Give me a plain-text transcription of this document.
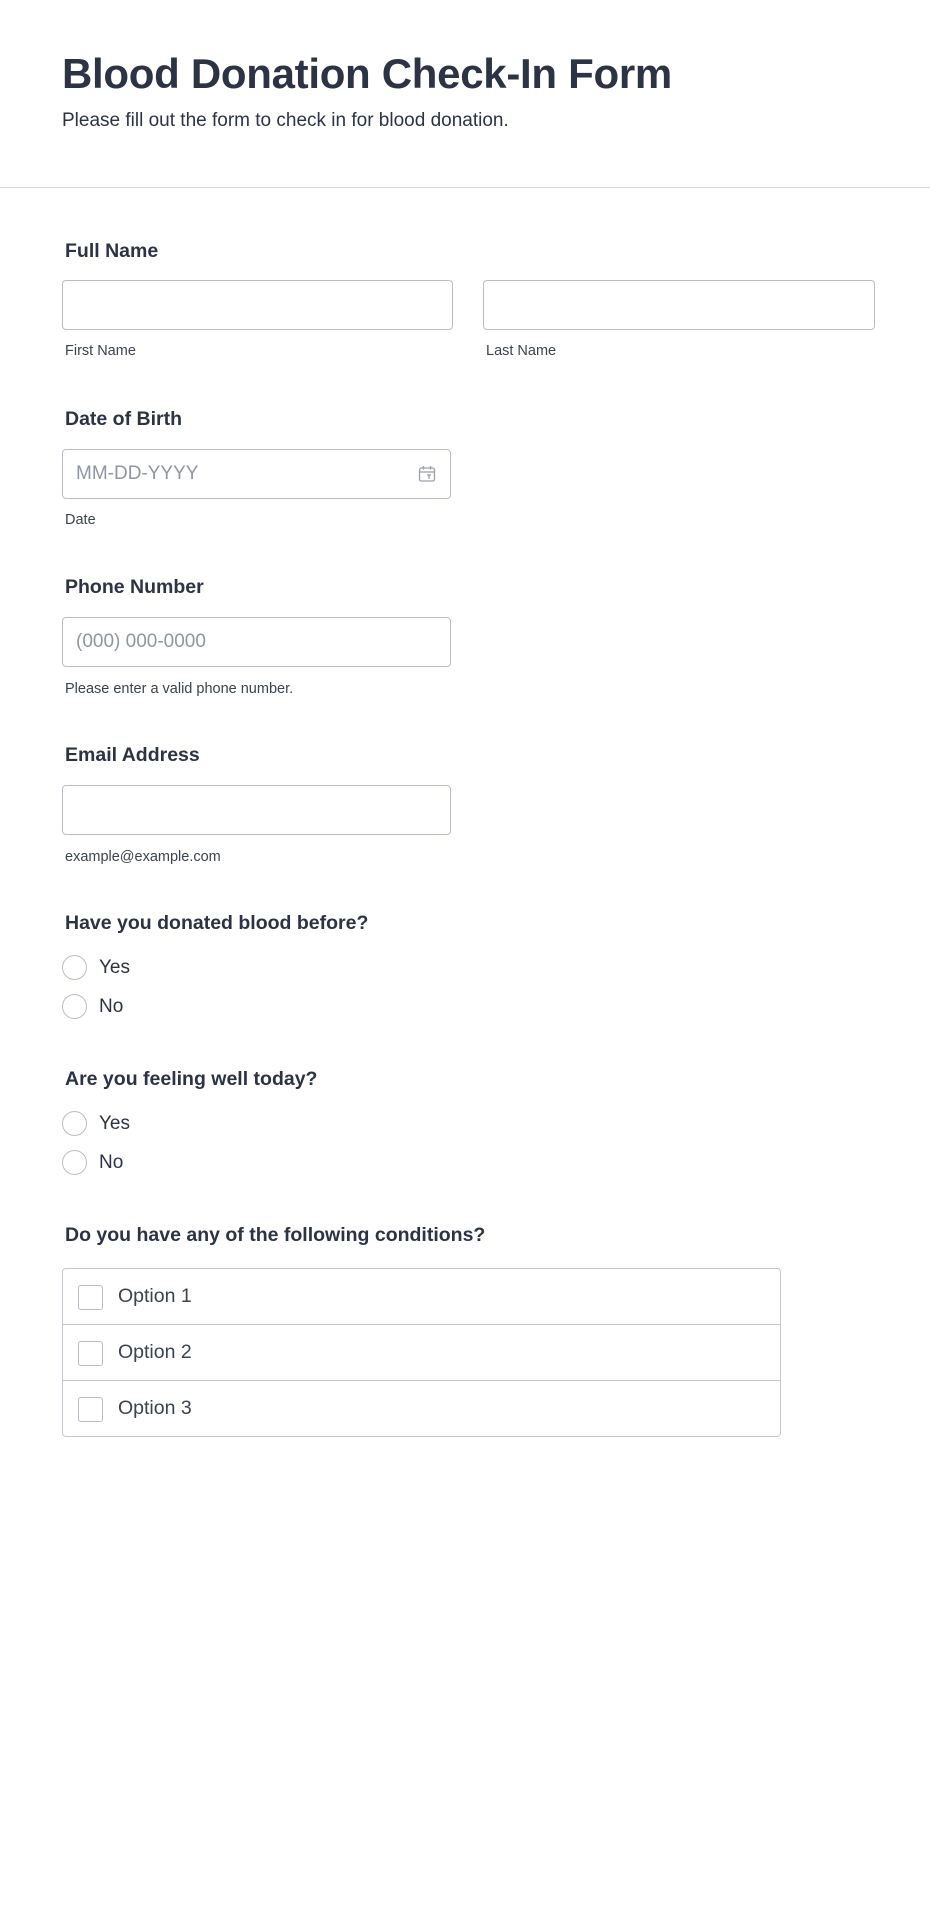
Blood Donation Check-In Form

Please fill out the form to check in for blood donation.

Full Name
First Name	Last Name
Date of Birth
MM-DD-YYYY
Date
Phone Number
(000) 000-0000
Please enter a valid phone number.
Email Address
example@example.com
Have you donated blood before?
Yes
No
Are you feeling well today?
Yes
No
Do you have any of the following conditions?
Option 1
Option 2
Option 3
